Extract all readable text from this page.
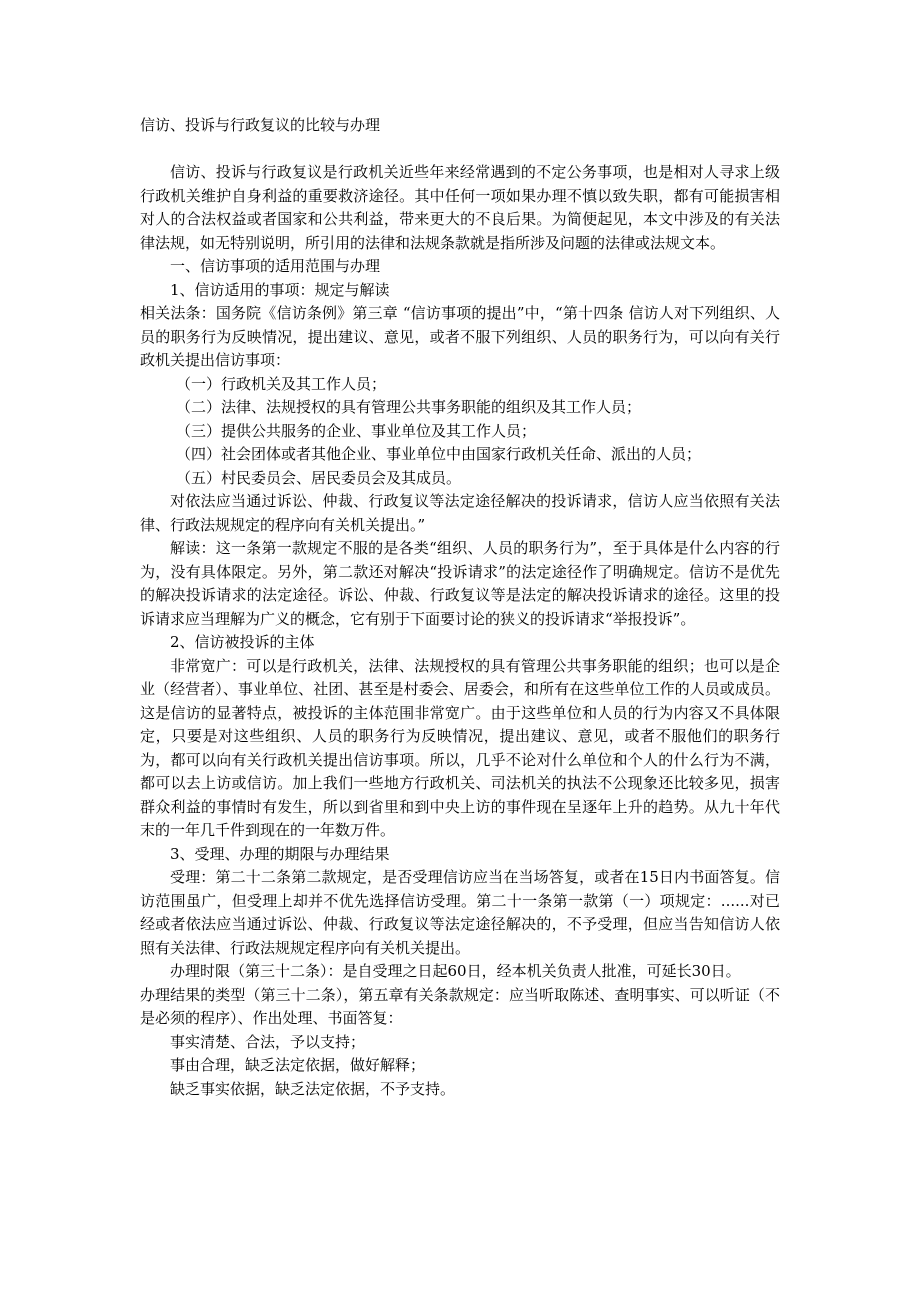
信访、投诉与行政复议的比较与办理

信访、投诉与行政复议是行政机关近些年来经常遇到的不定公务事项，也是相对人寻求上级行政机关维护自身利益的重要救济途径。其中任何一项如果办理不慎以致失职，都有可能损害相对人的合法权益或者国家和公共利益，带来更大的不良后果。为简便起见，本文中涉及的有关法律法规，如无特别说明，所引用的法律和法规条款就是指所涉及问题的法律或法规文本。

一、信访事项的适用范围与办理

1、信访适用的事项：规定与解读

相关法条：国务院《信访条例》第三章 “信访事项的提出”中，“第十四条 信访人对下列组织、人员的职务行为反映情况，提出建议、意见，或者不服下列组织、人员的职务行为，可以向有关行政机关提出信访事项：

（一）行政机关及其工作人员；

（二）法律、法规授权的具有管理公共事务职能的组织及其工作人员；

（三）提供公共服务的企业、事业单位及其工作人员；

（四）社会团体或者其他企业、事业单位中由国家行政机关任命、派出的人员；

（五）村民委员会、居民委员会及其成员。

对依法应当通过诉讼、仲裁、行政复议等法定途径解决的投诉请求，信访人应当依照有关法律、行政法规规定的程序向有关机关提出。”

解读：这一条第一款规定不服的是各类“组织、人员的职务行为”，至于具体是什么内容的行为，没有具体限定。另外，第二款还对解决“投诉请求”的法定途径作了明确规定。信访不是优先的解决投诉请求的法定途径。诉讼、仲裁、行政复议等是法定的解决投诉请求的途径。这里的投诉请求应当理解为广义的概念，它有别于下面要讨论的狭义的投诉请求“举报投诉”。

2、信访被投诉的主体

非常宽广：可以是行政机关，法律、法规授权的具有管理公共事务职能的组织；也可以是企业（经营者）、事业单位、社团、甚至是村委会、居委会，和所有在这些单位工作的人员或成员。这是信访的显著特点，被投诉的主体范围非常宽广。由于这些单位和人员的行为内容又不具体限定，只要是对这些组织、人员的职务行为反映情况，提出建议、意见，或者不服他们的职务行为，都可以向有关行政机关提出信访事项。所以，几乎不论对什么单位和个人的什么行为不满，都可以去上访或信访。加上我们一些地方行政机关、司法机关的执法不公现象还比较多见，损害群众利益的事情时有发生，所以到省里和到中央上访的事件现在呈逐年上升的趋势。从九十年代末的一年几千件到现在的一年数万件。

3、受理、办理的期限与办理结果

受理：第二十二条第二款规定，是否受理信访应当在当场答复，或者在15日内书面答复。信访范围虽广，但受理上却并不优先选择信访受理。第二十一条第一款第（一）项规定：......对已经或者依法应当通过诉讼、仲裁、行政复议等法定途径解决的，不予受理，但应当告知信访人依照有关法律、行政法规规定程序向有关机关提出。

办理时限（第三十二条）：是自受理之日起60日，经本机关负责人批准，可延长30日。

办理结果的类型（第三十二条），第五章有关条款规定：应当听取陈述、查明事实、可以听证（不是必须的程序）、作出处理、书面答复：

事实清楚、合法，予以支持；

事由合理，缺乏法定依据，做好解释；

缺乏事实依据，缺乏法定依据，不予支持。
